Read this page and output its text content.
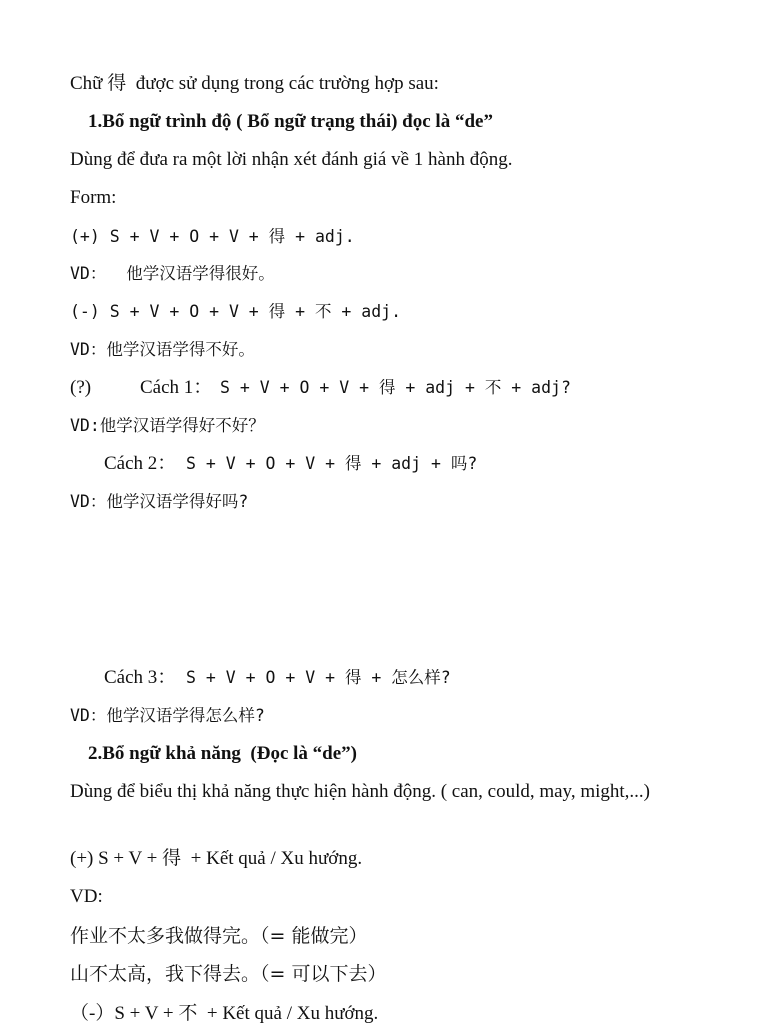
Chữ 得  được sử dụng trong các trường hợp sau:
1.Bổ ngữ trình độ ( Bổ ngữ trạng thái) đọc là “de”
Dùng để đưa ra một lời nhận xét đánh giá về 1 hành động.
Form:
(+) S + V + O + V + 得 + adj.
VD：  他学汉语学得很好。
(-) S + V + O + V + 得 + 不 + adj.
VD：他学汉语学得不好。
(?)	Cách 1： S + V + O + V + 得 + adj + 不 + adj?
VD:他学汉语学得好不好？
Cách 2： S + V + O + V + 得 + adj + 吗?
VD：他学汉语学得好吗?
Cách 3： S + V + O + V + 得 + 怎么样?
VD：他学汉语学得怎么样?
2.Bổ ngữ khả năng  (Đọc là “de”)
Dùng để biểu thị khả năng thực hiện hành động. ( can, could, may, might,...)
(+) S + V + 得  + Kết quả / Xu hướng.
VD:
作业不太多我做得完。（= 能做完）
山不太高，我下得去。（= 可以下去）
（-）S + V + 不  + Kết quả / Xu hướng.
